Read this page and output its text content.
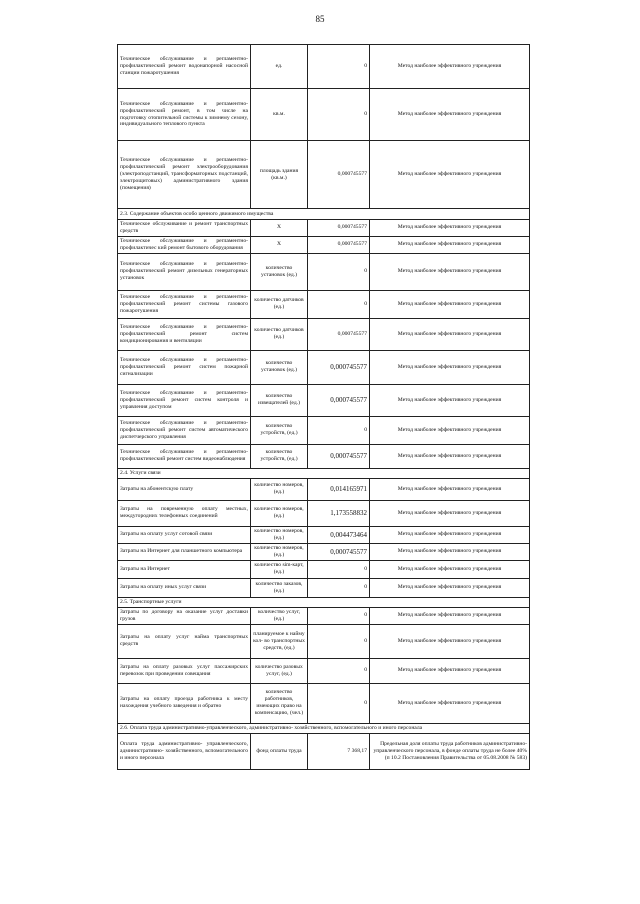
85
Техническое обслуживание и регламентно- профилактический ремонт водонапорной насосной станции пожаротушения	ед.	0	Метод наиболее эффективного учреждения
Техническое обслуживание и регламентно- профилактический ремонт, в том числе на подготовку отопительной системы к зимнему сезону, индивидуального теплового пункта	кв.м.	0	Метод наиболее эффективного учреждения
Техническое обслуживание и регламентно- профилактический ремонт электрооборудования (электроподстанций, трансформаторных подстанций, электрощитовых) административного здания (помещения)	площадь здания (кв.м.)	0,000745577	Метод наиболее эффективного учреждения
2.3. Содержание объектов особо ценного движимого имущества			
Техническое обслуживание и ремонт транспортных средств	Х	0,000745577	Метод наиболее эффективного учреждения
Техническое обслуживание и регламентно- профилактичес кий ремонт бытового оборудования	Х	0,000745577	Метод наиболее эффективного учреждения
Техническое обслуживание и регламентно- профилактический ремонт дизельных генераторных установок	количество установок (ед.)	0	Метод наиболее эффективного учреждения
Техническое обслуживание и регламентно- профилактический ремонт системы газового пожаротушения	количество датчиков (ед.)	0	Метод наиболее эффективного учреждения
Техническое обслуживание и регламентно- профилактический ремонт систем кондиционирования и вентиляции	количество датчиков (ед.)	0,000745577	Метод наиболее эффективного учреждения
Техническое обслуживание и регламентно- профилактический ремонт систем пожарной сигнализации	количество установок (ед.)	0,000745577	Метод наиболее эффективного учреждения
Техническое обслуживание и регламентно- профилактический ремонт систем контроля и управления доступом	количество извещателей (ед.)	0,000745577	Метод наиболее эффективного учреждения
Техническое обслуживание и регламентно- профилактический ремонт систем автоматического диспетчерского управления	количество устройств, (ед.)	0	Метод наиболее эффективного учреждения
Техническое обслуживание и регламентно- профилактический ремонт систем видеонаблюдения	количество устройств, (ед.)	0,000745577	Метод наиболее эффективного учреждения
2.4. Услуги связи			
Затраты на абонентскую плату	количество номеров, (ед.)	0,014165971	Метод наиболее эффективного учреждения
Затраты на повременную оплату местных, междугородних телефонных соединений	количество номеров, (ед.)	1,173558832	Метод наиболее эффективного учреждения
Затраты на оплату услуг сотовой связи	количество номеров, (ед.)	0,004473464	Метод наиболее эффективного учреждения
Затраты на Интернет для планшетного компьютера	количество номеров, (ед.)	0,000745577	Метод наиболее эффективного учреждения
Затраты на Интернет	количество sim-карт, (ед.)	0	Метод наиболее эффективного учреждения
Затраты на оплату иных услуг связи	количество заказов, (ед.)	0	Метод наиболее эффективного учреждения
2.5. Транспортные услуги			
Затраты по договору на оказание услуг доставки грузов	количество услуг, (ед.)	0	Метод наиболее эффективного учреждения
Затраты на оплату услуг найма транспортных средств	планируемое к найму кол- во транспортных средств, (ед.)	0	Метод наиболее эффективного учреждения
Затраты на оплату разовых услуг пассажирских перевозок при проведении совещания	количество разовых услуг, (ед.)	0	Метод наиболее эффективного учреждения
Затраты на оплату проезда работника к месту нахождения учебного заведения и обратно	количество работников, имеющих право на компенсацию, (чел.)	0	Метод наиболее эффективного учреждения
2.6. Оплата труда административно-управленческого, административно- хозяйственного, вспомогательного и иного персонала			
Оплата труда административно- управленческого, административно- хозяйственного, вспомогательного и иного персонала	фонд оплаты труда	7 368,17	Предельная доля оплаты труда работников административно- управленческого персонала, в фонде оплаты труда не более 40% (п 10.2 Постановления Правительства от 05.08.2008 № 583)
